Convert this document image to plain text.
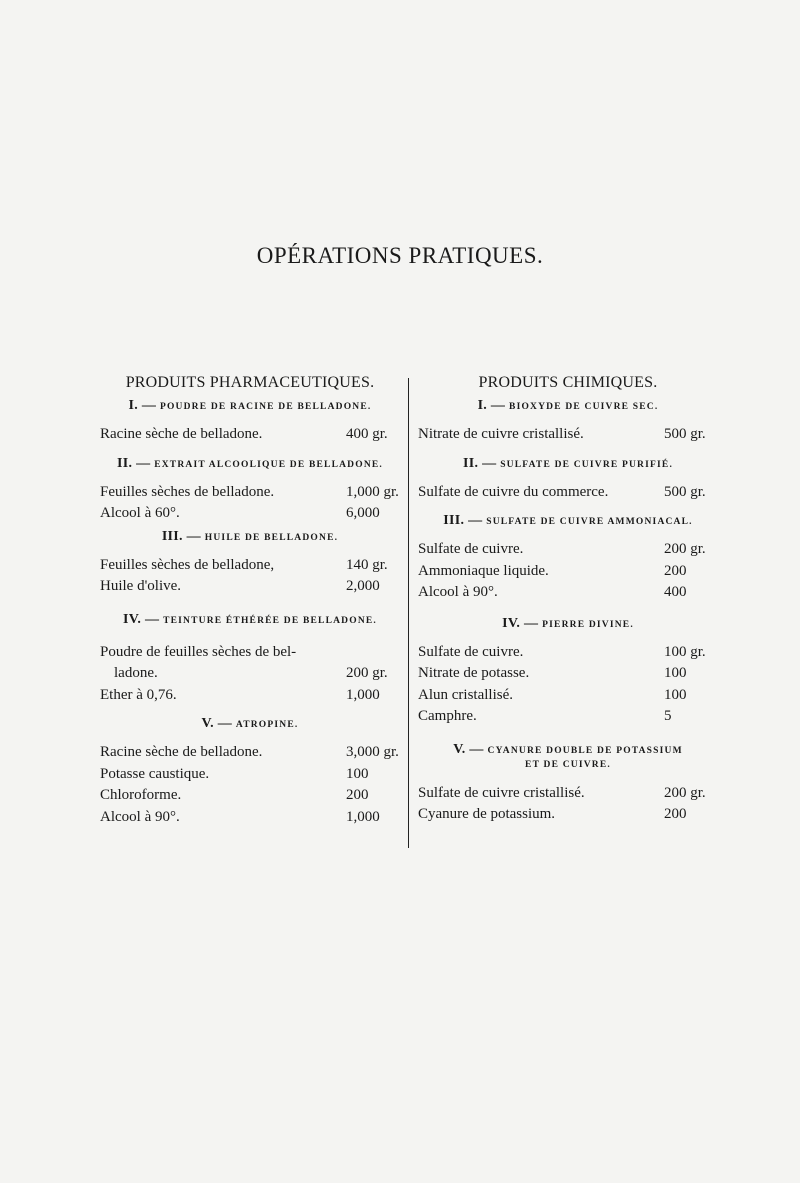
OPÉRATIONS PRATIQUES.
PRODUITS PHARMACEUTIQUES.
I. — POUDRE DE RACINE DE BELLADONE.
Racine sèche de belladone.	400 gr.
II. — EXTRAIT ALCOOLIQUE DE BELLADONE.
Feuilles sèches de belladone.	1,000 gr.
Alcool à 60°.	6,000
III. — HUILE DE BELLADONE.
Feuilles sèches de belladone,	140 gr.
Huile d'olive.	2,000
IV. — TEINTURE ÉTHÉRÉE DE BELLADONE.
Poudre de feuilles sèches de bel-
ladone.	200 gr.
Ether à 0,76.	1,000
V. — ATROPINE.
Racine sèche de belladone.	3,000 gr.
Potasse caustique.	100
Chloroforme.	200
Alcool à 90°.	1,000
PRODUITS CHIMIQUES.
I. — BIOXYDE DE CUIVRE SEC.
Nitrate de cuivre cristallisé.	500 gr.
II. — SULFATE DE CUIVRE PURIFIÉ.
Sulfate de cuivre du commerce.	500 gr.
III. — SULFATE DE CUIVRE AMMONIACAL.
Sulfate de cuivre.	200 gr.
Ammoniaque liquide.	200
Alcool à 90°.	400
IV. — PIERRE DIVINE.
Sulfate de cuivre.	100 gr.
Nitrate de potasse.	100
Alun cristallisé.	100
Camphre.	5
V. — CYANURE DOUBLE DE POTASSIUM
ET DE CUIVRE.
Sulfate de cuivre cristallisé.	200 gr.
Cyanure de potassium.	200
